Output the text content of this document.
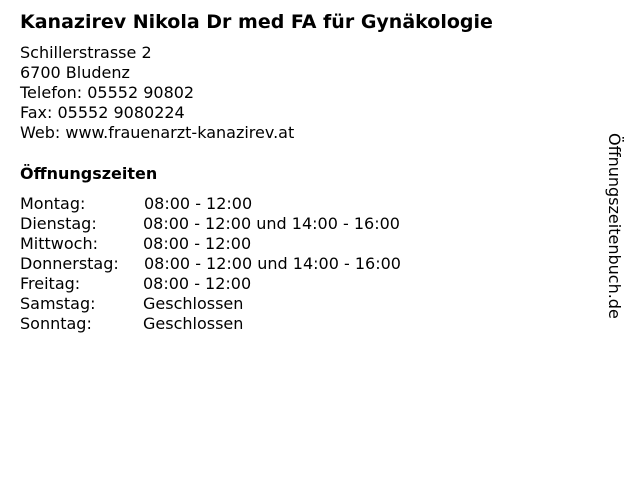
Kanazirev Nikola Dr med FA für Gynäkologie
Schillerstrasse 2
6700 Bludenz
Telefon: 05552 90802
Fax: 05552 9080224
Web: www.frauenarzt-kanazirev.at
Öffnungszeiten
Montag:	08:00 - 12:00
Dienstag:	08:00 - 12:00 und 14:00 - 16:00
Mittwoch:	08:00 - 12:00
Donnerstag:	08:00 - 12:00 und 14:00 - 16:00
Freitag:	08:00 - 12:00
Samstag:	Geschlossen
Sonntag:	Geschlossen
Öffnungszeitenbuch.de
